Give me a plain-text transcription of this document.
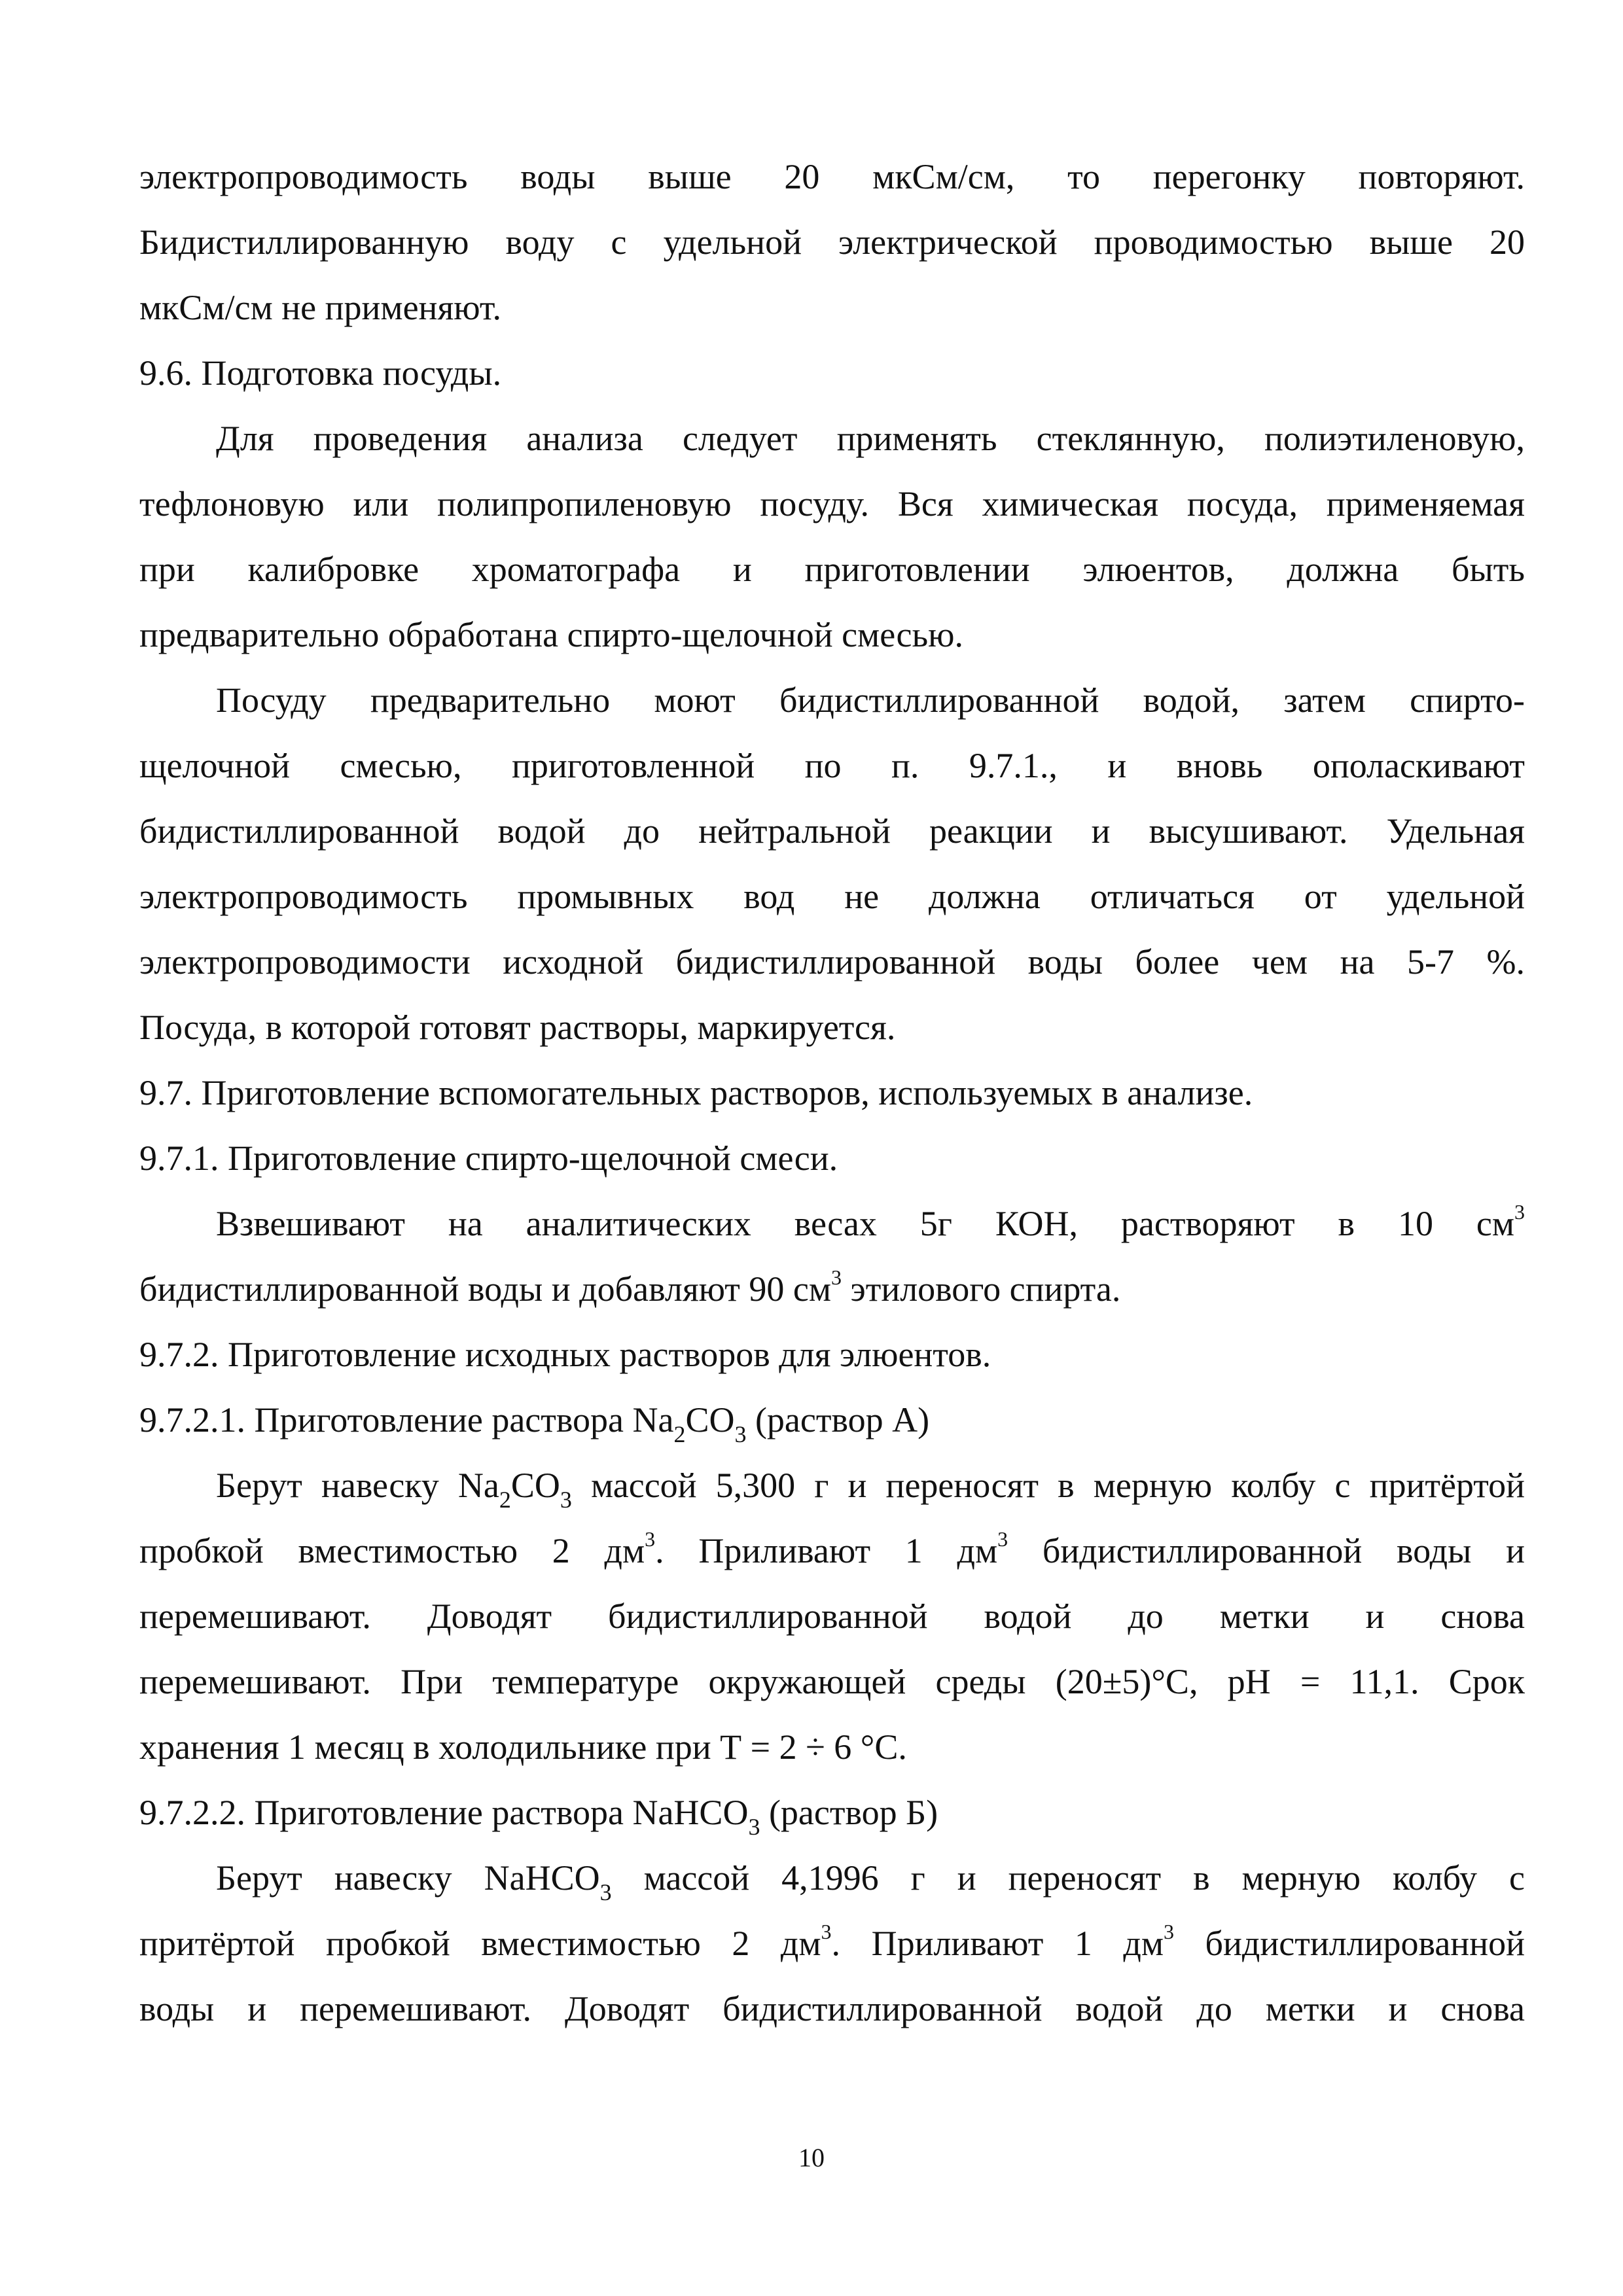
электропроводимость воды выше 20 мкСм/см, то перегонку повторяют.
Бидистиллированную воду с удельной электрической проводимостью выше 20
мкСм/см не применяют.
9.6. Подготовка посуды.
Для проведения анализа следует применять стеклянную, полиэтиленовую,
тефлоновую или полипропиленовую посуду. Вся химическая посуда, применяемая
при калибровке хроматографа и приготовлении элюентов, должна быть
предварительно обработана спирто-щелочной смесью.
Посуду предварительно моют бидистиллированной водой, затем спирто-
щелочной смесью, приготовленной по п. 9.7.1., и вновь ополаскивают
бидистиллированной водой до нейтральной реакции и высушивают. Удельная
электропроводимость промывных вод не должна отличаться от удельной
электропроводимости исходной бидистиллированной воды более чем на 5-7 %.
Посуда, в которой готовят растворы, маркируется.
9.7. Приготовление вспомогательных растворов, используемых в анализе.
9.7.1. Приготовление спирто-щелочной смеси.
Взвешивают на аналитических весах 5г КОН, растворяют в 10 $см^3$
бидистиллированной воды и добавляют 90 $см^3$ этилового спирта.
9.7.2. Приготовление исходных растворов для элюентов.
9.7.2.1. Приготовление раствора $Na_2CO_3$ (раствор А)
Берут навеску $Na_2CO_3$ массой 5,300 г и переносят в мерную колбу с притёртой
пробкой вместимостью 2 $дм^3$. Приливают 1 $дм^3$ бидистиллированной воды и
перемешивают. Доводят бидистиллированной водой до метки и снова
перемешивают. При температуре окружающей среды (20±5)°С, pH = 11,1. Срок
хранения 1 месяц в холодильнике при Т = 2 ÷ 6 °С.
9.7.2.2. Приготовление раствора NaHCO$_3$ (раствор Б)
Берут навеску NaHCO$_3$ массой 4,1996 г и переносят в мерную колбу с
притёртой пробкой вместимостью 2 $дм^3$. Приливают 1 $дм^3$ бидистиллированной
воды и перемешивают. Доводят бидистиллированной водой до метки и снова
10
